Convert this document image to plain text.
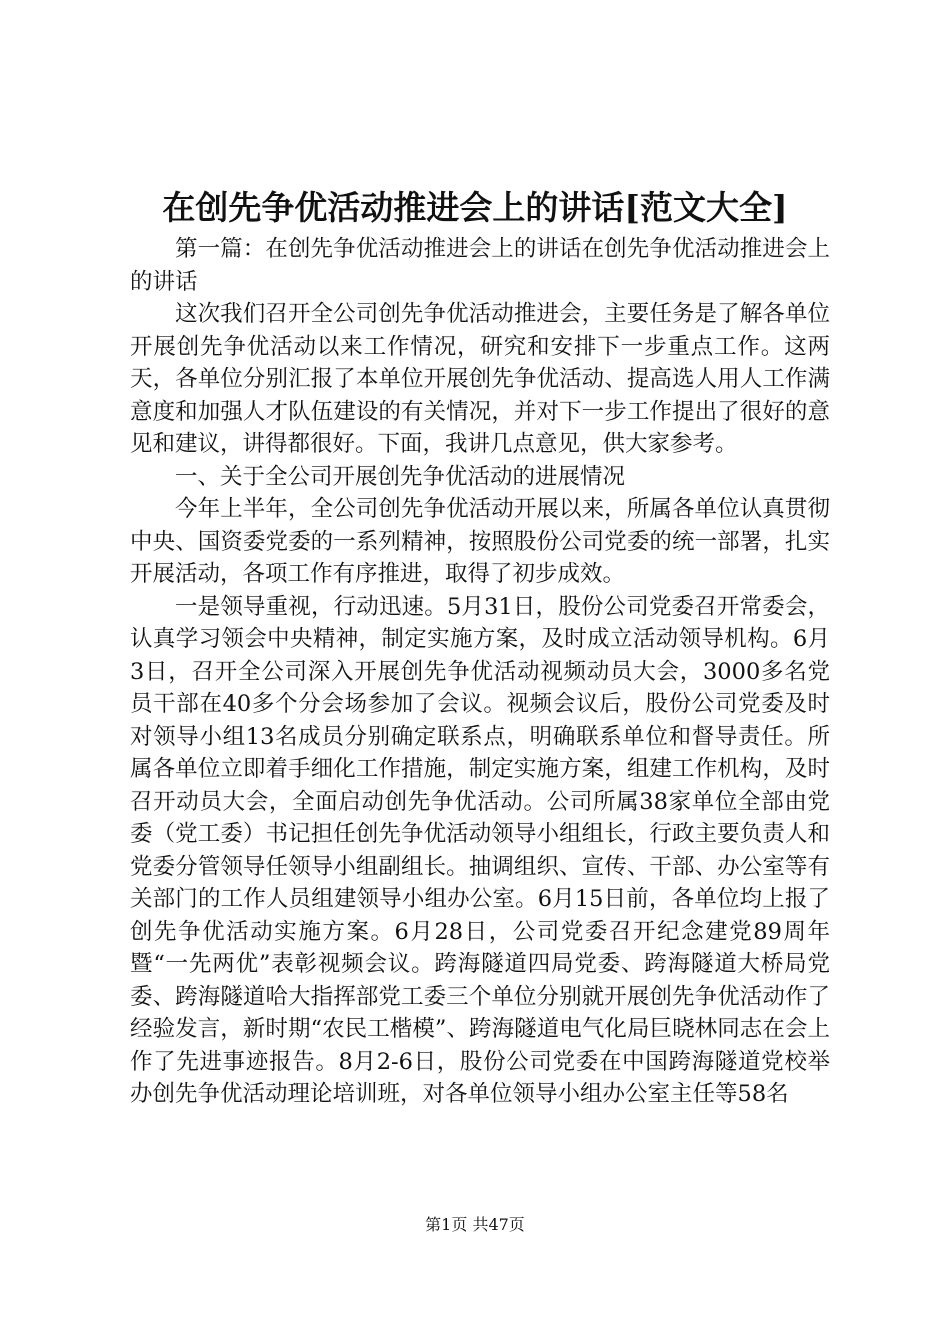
在创先争优活动推进会上的讲话[范文大全]

第一篇：在创先争优活动推进会上的讲话在创先争优活动推进会上的讲话

这次我们召开全公司创先争优活动推进会，主要任务是了解各单位开展创先争优活动以来工作情况，研究和安排下一步重点工作。这两天，各单位分别汇报了本单位开展创先争优活动、提高选人用人工作满意度和加强人才队伍建设的有关情况，并对下一步工作提出了很好的意见和建议，讲得都很好。下面，我讲几点意见，供大家参考。

一、关于全公司开展创先争优活动的进展情况

今年上半年，全公司创先争优活动开展以来，所属各单位认真贯彻中央、国资委党委的一系列精神，按照股份公司党委的统一部署，扎实开展活动，各项工作有序推进，取得了初步成效。

一是领导重视，行动迅速。5月31日，股份公司党委召开常委会，认真学习领会中央精神，制定实施方案，及时成立活动领导机构。6月3日，召开全公司深入开展创先争优活动视频动员大会，3000多名党员干部在40多个分会场参加了会议。视频会议后，股份公司党委及时对领导小组13名成员分别确定联系点，明确联系单位和督导责任。所属各单位立即着手细化工作措施，制定实施方案，组建工作机构，及时召开动员大会，全面启动创先争优活动。公司所属38家单位全部由党委（党工委）书记担任创先争优活动领导小组组长，行政主要负责人和党委分管领导任领导小组副组长。抽调组织、宣传、干部、办公室等有关部门的工作人员组建领导小组办公室。6月15日前，各单位均上报了创先争优活动实施方案。6月28日，公司党委召开纪念建党89周年暨“一先两优”表彰视频会议。跨海隧道四局党委、跨海隧道大桥局党委、跨海隧道哈大指挥部党工委三个单位分别就开展创先争优活动作了经验发言，新时期“农民工楷模”、跨海隧道电气化局巨晓林同志在会上作了先进事迹报告。8月2-6日，股份公司党委在中国跨海隧道党校举办创先争优活动理论培训班，对各单位领导小组办公室主任等58名

第1页 共47页
